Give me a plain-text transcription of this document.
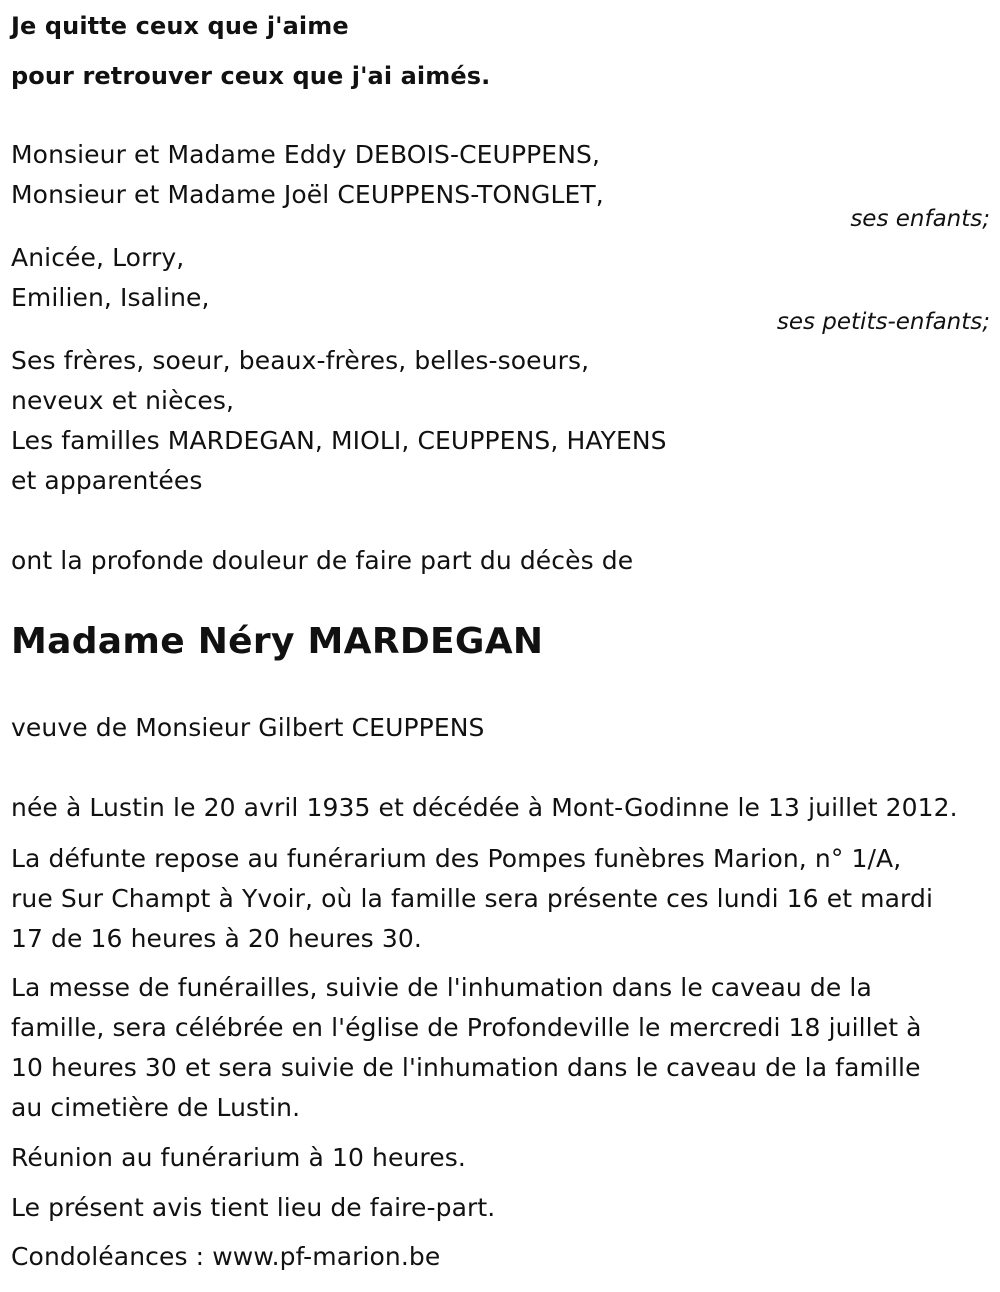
Je quitte ceux que j'aime
pour retrouver ceux que j'ai aimés.
Monsieur et Madame Eddy DEBOIS-CEUPPENS,
Monsieur et Madame Joël CEUPPENS-TONGLET,
ses enfants;
Anicée, Lorry,
Emilien, Isaline,
ses petits-enfants;
Ses frères, soeur, beaux-frères, belles-soeurs,
neveux et nièces,
Les familles MARDEGAN, MIOLI, CEUPPENS, HAYENS
et apparentées
ont la profonde douleur de faire part du décès de
Madame Néry MARDEGAN
veuve de Monsieur Gilbert CEUPPENS
née à Lustin le 20 avril 1935 et décédée à Mont-Godinne le 13 juillet 2012.
La défunte repose au funérarium des Pompes funèbres Marion, n° 1/A,
rue Sur Champt à Yvoir, où la famille sera présente ces lundi 16 et mardi
17 de 16 heures à 20 heures 30.
La messe de funérailles, suivie de l'inhumation dans le caveau de la
famille, sera célébrée en l'église de Profondeville le mercredi 18 juillet à
10 heures 30 et sera suivie de l'inhumation dans le caveau de la famille
au cimetière de Lustin.
Réunion au funérarium à 10 heures.
Le présent avis tient lieu de faire-part.
Condoléances : www.pf-marion.be
